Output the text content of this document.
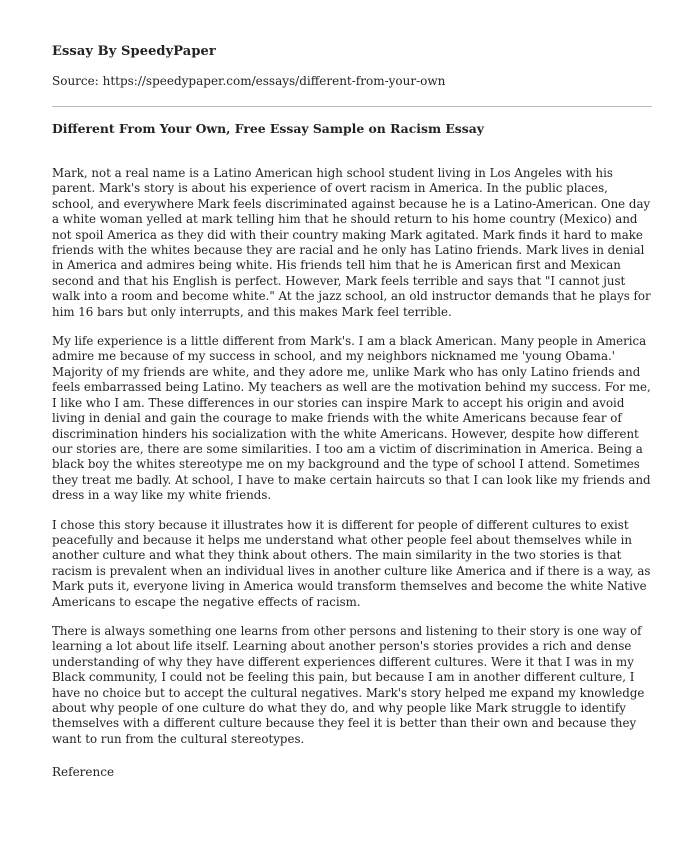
Essay By SpeedyPaper
Source: https://speedypaper.com/essays/different-from-your-own
Different From Your Own, Free Essay Sample on Racism Essay

Mark, not a real name is a Latino American high school student living in Los Angeles with his parent. Mark's story is about his experience of overt racism in America. In the public places, school, and everywhere Mark feels discriminated against because he is a Latino-American. One day a white woman yelled at mark telling him that he should return to his home country (Mexico) and not spoil America as they did with their country making Mark agitated. Mark finds it hard to make friends with the whites because they are racial and he only has Latino friends. Mark lives in denial in America and admires being white. His friends tell him that he is American first and Mexican second and that his English is perfect. However, Mark feels terrible and says that "I cannot just walk into a room and become white." At the jazz school, an old instructor demands that he plays for him 16 bars but only interrupts, and this makes Mark feel terrible.

My life experience is a little different from Mark's. I am a black American. Many people in America admire me because of my success in school, and my neighbors nicknamed me 'young Obama.' Majority of my friends are white, and they adore me, unlike Mark who has only Latino friends and feels embarrassed being Latino. My teachers as well are the motivation behind my success. For me, I like who I am. These differences in our stories can inspire Mark to accept his origin and avoid living in denial and gain the courage to make friends with the white Americans because fear of discrimination hinders his socialization with the white Americans. However, despite how different our stories are, there are some similarities. I too am a victim of discrimination in America. Being a black boy the whites stereotype me on my background and the type of school I attend. Sometimes they treat me badly. At school, I have to make certain haircuts so that I can look like my friends and dress in a way like my white friends.

I chose this story because it illustrates how it is different for people of different cultures to exist peacefully and because it helps me understand what other people feel about themselves while in another culture and what they think about others. The main similarity in the two stories is that racism is prevalent when an individual lives in another culture like America and if there is a way, as Mark puts it, everyone living in America would transform themselves and become the white Native Americans to escape the negative effects of racism.

There is always something one learns from other persons and listening to their story is one way of learning a lot about life itself. Learning about another person's stories provides a rich and dense understanding of why they have different experiences different cultures. Were it that I was in my Black community, I could not be feeling this pain, but because I am in another different culture, I have no choice but to accept the cultural negatives. Mark's story helped me expand my knowledge about why people of one culture do what they do, and why people like Mark struggle to identify themselves with a different culture because they feel it is better than their own and because they want to run from the cultural stereotypes.

Reference
